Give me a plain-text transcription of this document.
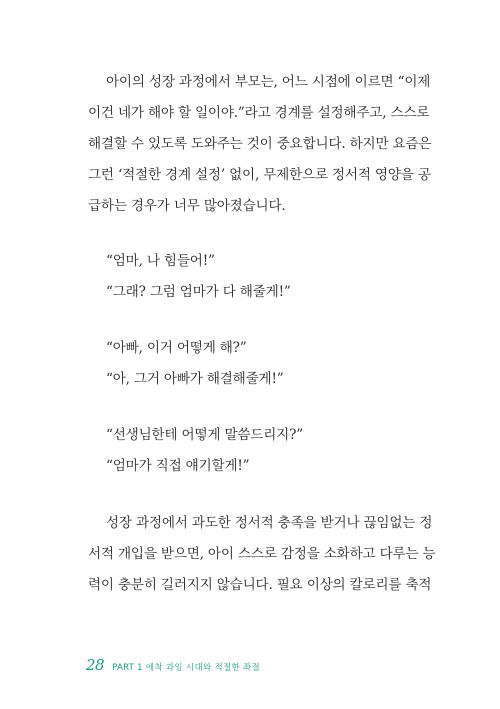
아이의 성장 과정에서 부모는, 어느 시점에 이르면 “이제
이건 네가 해야 할 일이야.”라고 경계를 설정해주고, 스스로
해결할 수 있도록 도와주는 것이 중요합니다. 하지만 요즘은
그런 ‘적절한 경계 설정’ 없이, 무제한으로 정서적 영양을 공
급하는 경우가 너무 많아졌습니다.
“엄마, 나 힘들어!”
“그래? 그럼 엄마가 다 해줄게!”
“아빠, 이거 어떻게 해?”
“아, 그거 아빠가 해결해줄게!”
“선생님한테 어떻게 말씀드리지?”
“엄마가 직접 얘기할게!”
성장 과정에서 과도한 정서적 충족을 받거나 끊임없는 정
서적 개입을 받으면, 아이 스스로 감정을 소화하고 다루는 능
력이 충분히 길러지지 않습니다. 필요 이상의 칼로리를 축적
28 PART 1 애착 과잉 시대와 적절한 좌절
